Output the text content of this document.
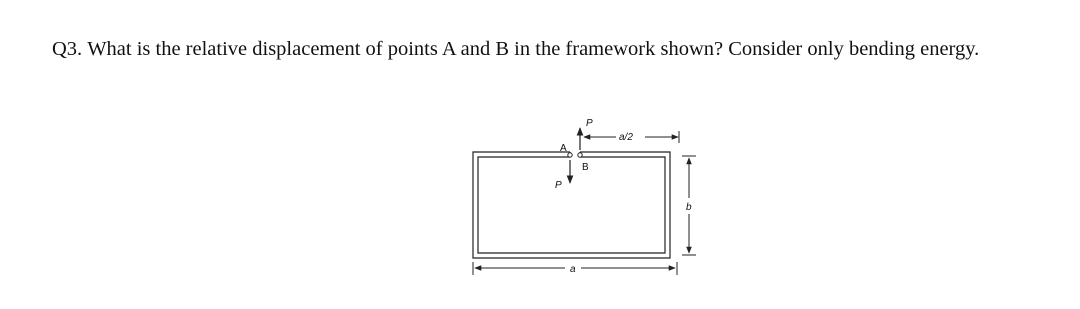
Q3. What is the relative displacement of points A and B in the framework shown? Consider only bending energy.

P
P
A
B
a/2
b
a
